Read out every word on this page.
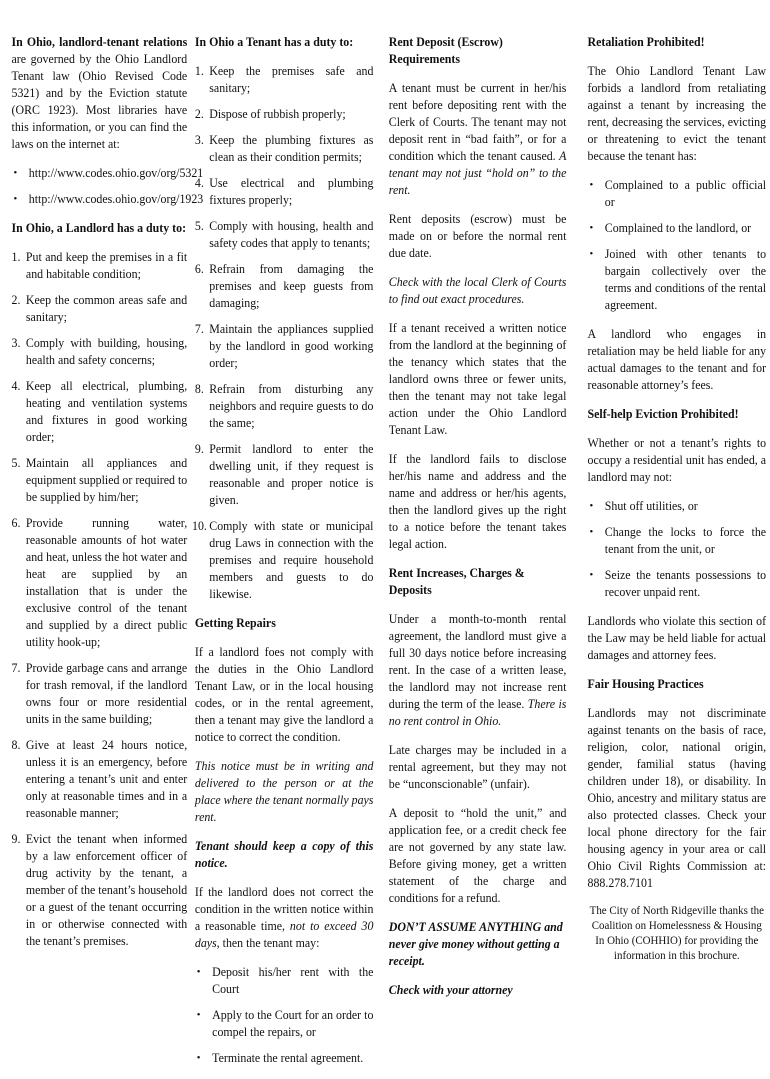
In Ohio, landlord-tenant relations are governed by the Ohio Landlord Tenant law (Ohio Revised Code 5321) and by the Eviction statute (ORC 1923). Most libraries have this information, or you can find the laws on the internet at:

• http://www.codes.ohio.gov/org/5321
• http://www.codes.ohio.gov/org/1923
In Ohio, a Landlord has a duty to:
1. Put and keep the premises in a fit and habitable condition;
2. Keep the common areas safe and sanitary;
3. Comply with building, housing, health and safety concerns;
4. Keep all electrical, plumbing, heating and ventilation systems and fixtures in good working order;
5. Maintain all appliances and equipment supplied or required to be supplied by him/her;
6. Provide running water, reasonable amounts of hot water and heat, unless the hot water and heat are supplied by an installation that is under the exclusive control of the tenant and supplied by a direct public utility hook-up;
7. Provide garbage cans and arrange for trash removal, if the landlord owns four or more residential units in the same building;
8. Give at least 24 hours notice, unless it is an emergency, before entering a tenant’s unit and enter only at reasonable times and in a reasonable manner;
9. Evict the tenant when informed by a law enforcement officer of drug activity by the tenant, a member of the tenant’s household or a guest of the tenant occurring in or otherwise connected with the tenant’s premises.
In Ohio a Tenant has a duty to:
1. Keep the premises safe and sanitary;
2. Dispose of rubbish properly;
3. Keep the plumbing fixtures as clean as their condition permits;
4. Use electrical and plumbing fixtures properly;
5. Comply with housing, health and safety codes that apply to tenants;
6. Refrain from damaging the premises and keep guests from damaging;
7. Maintain the appliances supplied by the landlord in good working order;
8. Refrain from disturbing any neighbors and require guests to do the same;
9. Permit landlord to enter the dwelling unit, if they request is reasonable and proper notice is given.
10. Comply with state or municipal drug Laws in connection with the premises and require household members and guests to do likewise.
Getting Repairs

If a landlord foes not comply with the duties in the Ohio Landlord Tenant Law, or in the local housing codes, or in the rental agreement, then a tenant may give the landlord a notice to correct the condition.

This notice must be in writing and delivered to the person or at the place where the tenant normally pays rent.

Tenant should keep a copy of this notice.

If the landlord does not correct the condition in the written notice within a reasonable time, not to exceed 30 days, then the tenant may:

• Deposit his/her rent with the Court
• Apply to the Court for an order to compel the repairs, or
• Terminate the rental agreement.
Rent Deposit (Escrow) Requirements

A tenant must be current in her/his rent before depositing rent with the Clerk of Courts. The tenant may not deposit rent in “bad faith”, or for a condition which the tenant caused. A tenant may not just “hold on” to the rent.

Rent deposits (escrow) must be made on or before the normal rent due date.

Check with the local Clerk of Courts to find out exact procedures.

If a tenant received a written notice from the landlord at the beginning of the tenancy which states that the landlord owns three or fewer units, then the tenant may not take legal action under the Ohio Landlord Tenant Law.

If the landlord fails to disclose her/his name and address and the name and address or her/his agents, then the landlord gives up the right to a notice before the tenant takes legal action.

Rent Increases, Charges & Deposits

Under a month-to-month rental agreement, the landlord must give a full 30 days notice before increasing rent. In the case of a written lease, the landlord may not increase rent during the term of the lease. There is no rent control in Ohio.

Late charges may be included in a rental agreement, but they may not be “unconscionable” (unfair).

A deposit to “hold the unit,” and application fee, or a credit check fee are not governed by any state law. Before giving money, get a written statement of the charge and conditions for a refund.

DON’T ASSUME ANYTHING and never give money without getting a receipt.

Check with your attorney

Retaliation Prohibited!

The Ohio Landlord Tenant Law forbids a landlord from retaliating against a tenant by increasing the rent, decreasing the services, evicting or threatening to evict the tenant because the tenant has:

• Complained to a public official or
• Complained to the landlord, or
• Joined with other tenants to bargain collectively over the terms and conditions of the rental agreement.

A landlord who engages in retaliation may be held liable for any actual damages to the tenant and for reasonable attorney’s fees.

Self-help Eviction Prohibited!

Whether or not a tenant’s rights to occupy a residential unit has ended, a landlord may not:

• Shut off utilities, or
• Change the locks to force the tenant from the unit, or
• Seize the tenants possessions to recover unpaid rent.

Landlords who violate this section of the Law may be held liable for actual damages and attorney fees.

Fair Housing Practices

Landlords may not discriminate against tenants on the basis of race, religion, color, national origin, gender, familial status (having children under 18), or disability. In Ohio, ancestry and military status are also protected classes. Check your local phone directory for the fair housing agency in your area or call Ohio Civil Rights Commission at: 888.278.7101

The City of North Ridgeville thanks the Coalition on Homelessness & Housing In Ohio (COHHIO) for providing the information in this brochure.
